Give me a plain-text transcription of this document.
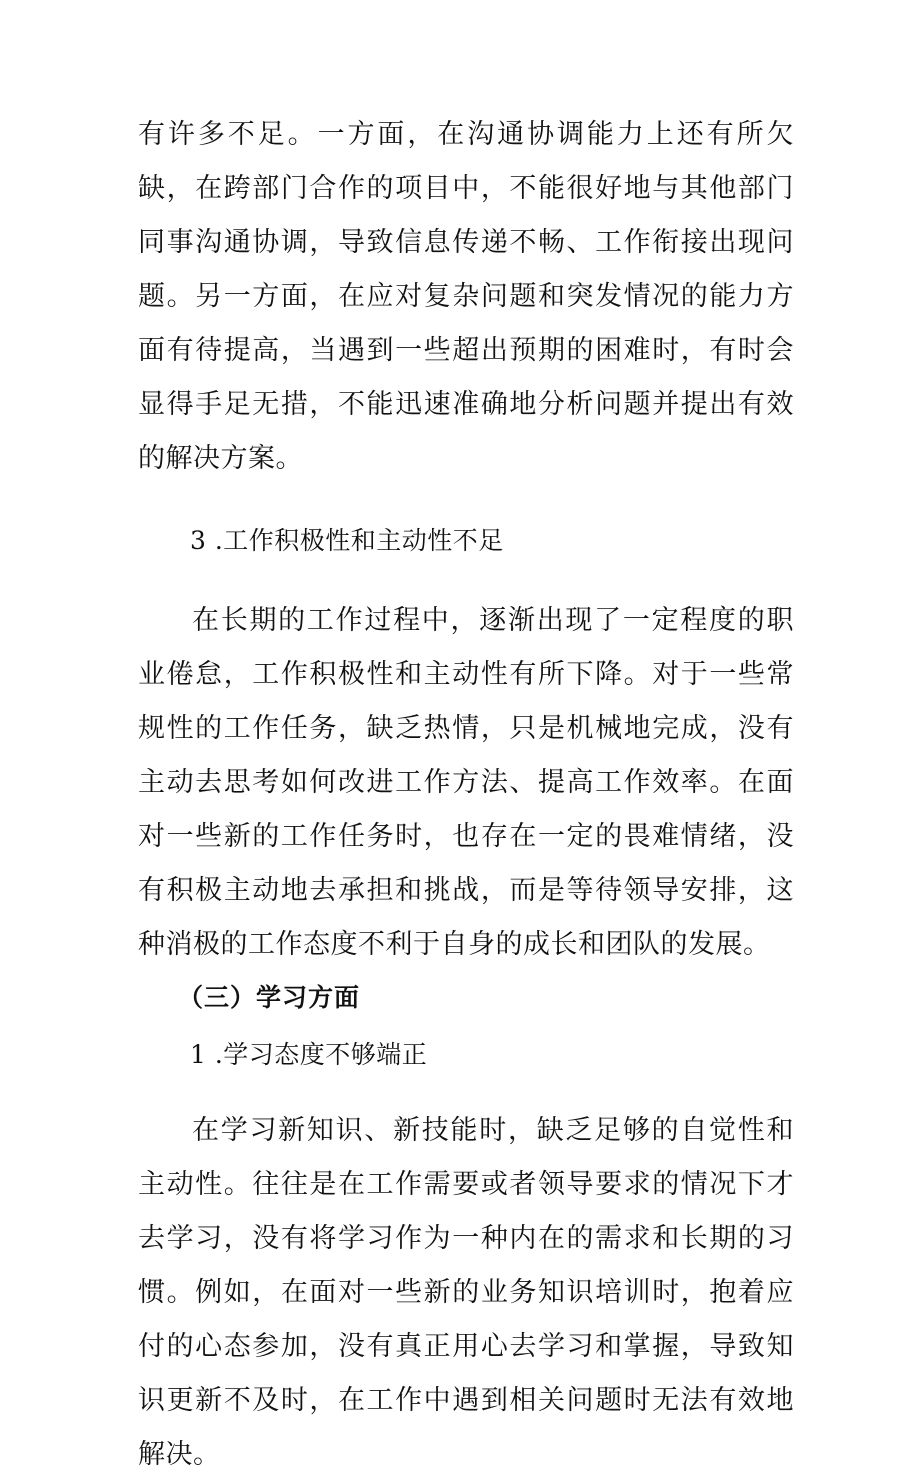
有许多不足。一方面，在沟通协调能力上还有所欠缺，在跨部门合作的项目中，不能很好地与其他部门同事沟通协调，导致信息传递不畅、工作衔接出现问题。另一方面，在应对复杂问题和突发情况的能力方面有待提高，当遇到一些超出预期的困难时，有时会显得手足无措，不能迅速准确地分析问题并提出有效的解决方案。

3 .工作积极性和主动性不足

在长期的工作过程中，逐渐出现了一定程度的职业倦怠，工作积极性和主动性有所下降。对于一些常规性的工作任务，缺乏热情，只是机械地完成，没有主动去思考如何改进工作方法、提高工作效率。在面对一些新的工作任务时，也存在一定的畏难情绪，没有积极主动地去承担和挑战，而是等待领导安排，这种消极的工作态度不利于自身的成长和团队的发展。

（三）学习方面

1 .学习态度不够端正

在学习新知识、新技能时，缺乏足够的自觉性和主动性。往往是在工作需要或者领导要求的情况下才去学习，没有将学习作为一种内在的需求和长期的习惯。例如，在面对一些新的业务知识培训时，抱着应付的心态参加，没有真正用心去学习和掌握，导致知识更新不及时，在工作中遇到相关问题时无法有效地解决。
